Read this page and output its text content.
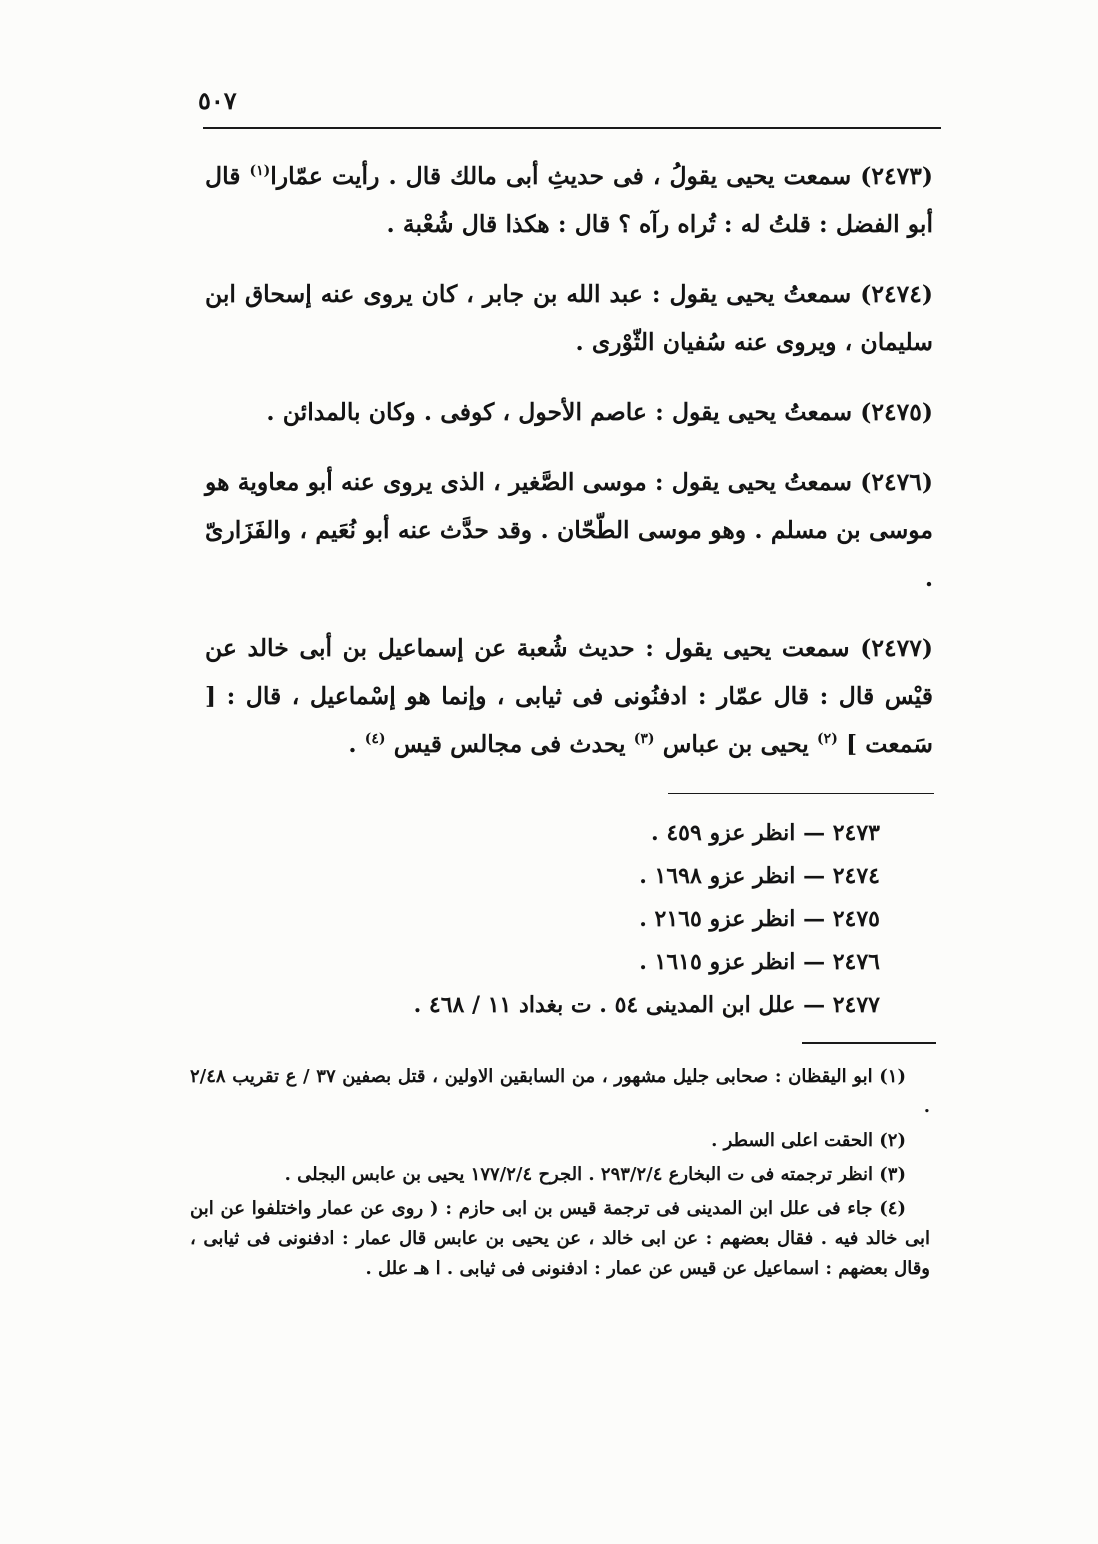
٥٠٧

(٢٤٧٣) سمعت يحيى يقولُ ، فى حديثِ أبى مالك قال . رأيت عمّارا$^{(١)}$ قال أبو الفضل : قلتُ له : تُراه رآه ؟ قال : هكذا قال شُعْبة .

(٢٤٧٤) سمعتُ يحيى يقول : عبد الله بن جابر ، كان يروى عنه إسحاق ابن سليمان ، ويروى عنه سُفيان الثّوْرى .

(٢٤٧٥) سمعتُ يحيى يقول : عاصم الأحول ، كوفى . وكان بالمدائن .

(٢٤٧٦) سمعتُ يحيى يقول : موسى الصَّغير ، الذى يروى عنه أبو معاوية هو موسى بن مسلم . وهو موسى الطّحّان . وقد حدَّث عنه أبو نُعَيم ، والفَزَارىّ .

(٢٤٧٧) سمعت يحيى يقول : حديث شُعبة عن إسماعيل بن أبى خالد عن قيْس قال : قال عمّار : ادفنُونى فى ثيابى ، وإنما هو إسْماعيل ، قال : [ سَمعت ] $^{(٢)}$ يحيى بن عباس $^{(٣)}$ يحدث فى مجالس قيس $^{(٤)}$ .

٢٤٧٣ — انظر عزو ٤٥٩ .
٢٤٧٤ — انظر عزو ١٦٩٨ .
٢٤٧٥ — انظر عزو ٢١٦٥ .
٢٤٧٦ — انظر عزو ١٦١٥ .
٢٤٧٧ — علل ابن المدينى ٥٤ . ت بغداد ١١ / ٤٦٨ .
(١) ابو اليقظان : صحابى جليل مشهور ، من السابقين الاولين ، قتل بصفين ٣٧ / ع تقريب ٢/٤٨ .
(٢) الحقت اعلى السطر .
(٣) انظر ترجمته فى ت البخارع ٢٩٣/٢/٤ . الجرح ١٧٧/٢/٤ يحيى بن عابس البجلى .
(٤) جاء فى علل ابن المدينى فى ترجمة قيس بن ابى حازم : ( روى عن عمار واختلفوا عن ابن ابى خالد فيه . فقال بعضهم : عن ابى خالد ، عن يحيى بن عابس قال عمار : ادفنونى فى ثيابى ، وقال بعضهم : اسماعيل عن قيس عن عمار : ادفنونى فى ثيابى . ا هـ علل .
